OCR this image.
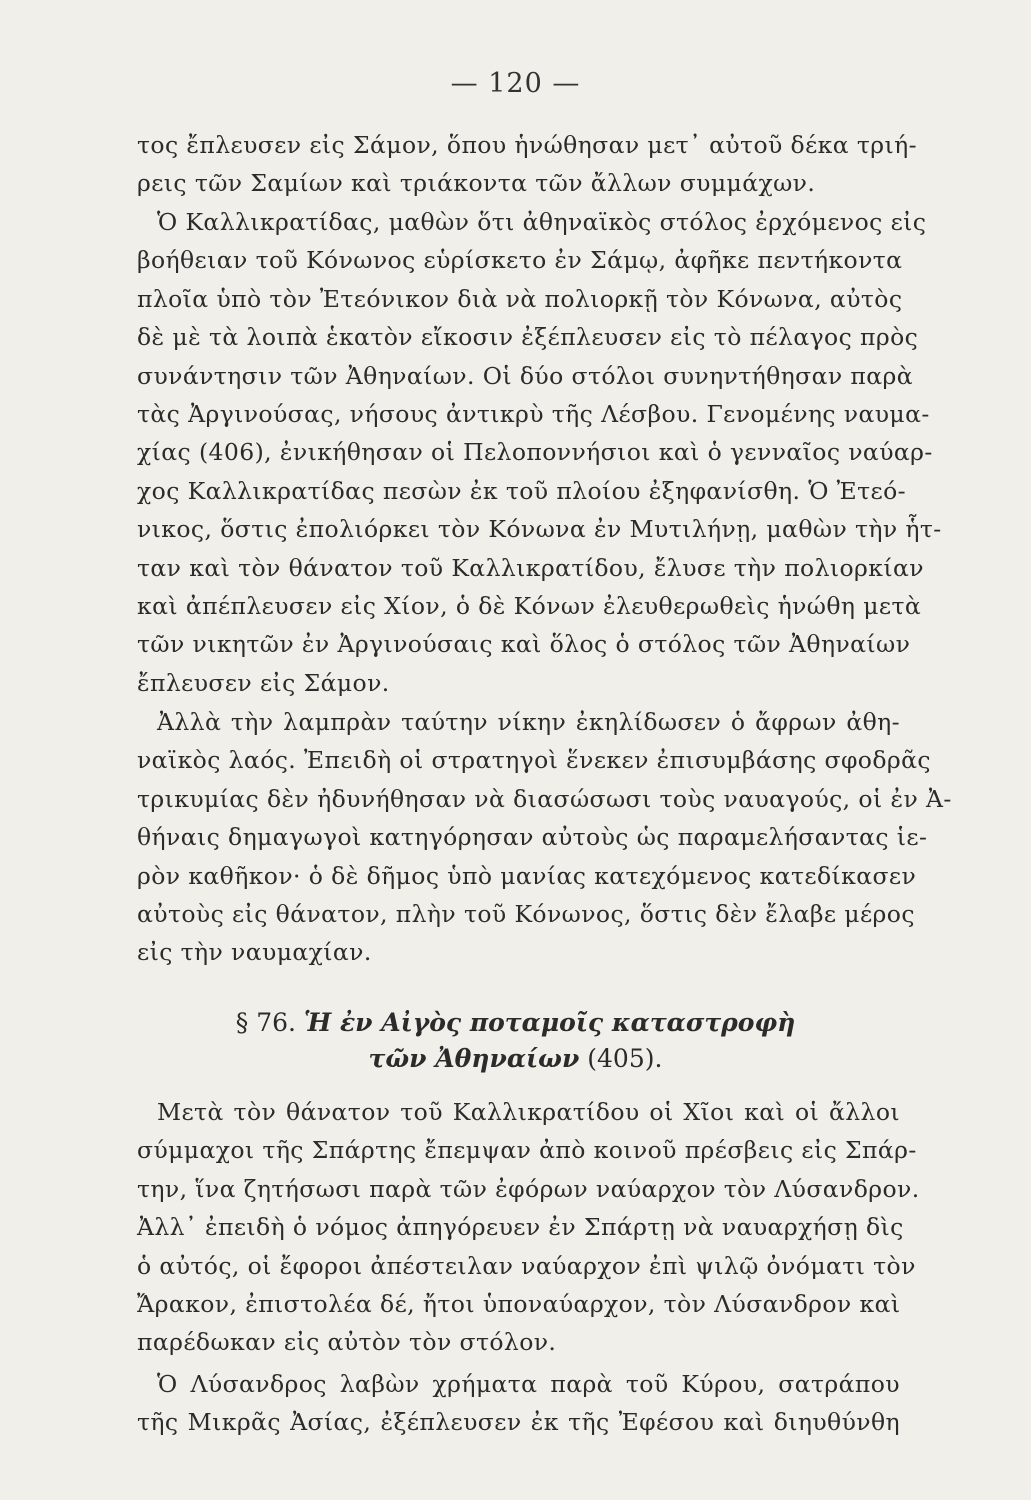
— 120 —
τος ἔπλευσεν εἰς Σάμον, ὅπου ἡνώθησαν μετ᾽ αὐτοῦ δέκα τριή-
ρεις τῶν Σαμίων καὶ τριάκοντα τῶν ἄλλων συμμάχων.
Ὁ Καλλικρατίδας, μαθὼν ὅτι ἀθηναϊκὸς στόλος ἐρχόμενος εἰς
βοήθειαν τοῦ Κόνωνος εὑρίσκετο ἐν Σάμῳ, ἀφῆκε πεντήκοντα
πλοῖα ὑπὸ τὸν Ἐτεόνικον διὰ νὰ πολιορκῇ τὸν Κόνωνα, αὐτὸς
δὲ μὲ τὰ λοιπὰ ἑκατὸν εἴκοσιν ἐξέπλευσεν εἰς τὸ πέλαγος πρὸς
συνάντησιν τῶν Ἀθηναίων. Οἱ δύο στόλοι συνηντήθησαν παρὰ
τὰς Ἀργινούσας, νήσους ἀντικρὺ τῆς Λέσβου. Γενομένης ναυμα-
χίας (406), ἐνικήθησαν οἱ Πελοποννήσιοι καὶ ὁ γενναῖος ναύαρ-
χος Καλλικρατίδας πεσὼν ἐκ τοῦ πλοίου ἐξηφανίσθη. Ὁ Ἐτεό-
νικος, ὅστις ἐπολιόρκει τὸν Κόνωνα ἐν Μυτιλήνῃ, μαθὼν τὴν ἧτ-
ταν καὶ τὸν θάνατον τοῦ Καλλικρατίδου, ἔλυσε τὴν πολιορκίαν
καὶ ἀπέπλευσεν εἰς Χίον, ὁ δὲ Κόνων ἐλευθερωθεὶς ἡνώθη μετὰ
τῶν νικητῶν ἐν Ἀργινούσαις καὶ ὅλος ὁ στόλος τῶν Ἀθηναίων
ἔπλευσεν εἰς Σάμον.
Ἀλλὰ τὴν λαμπρὰν ταύτην νίκην ἐκηλίδωσεν ὁ ἄφρων ἀθη-
ναϊκὸς λαός. Ἐπειδὴ οἱ στρατηγοὶ ἕνεκεν ἐπισυμβάσης σφοδρᾶς
τρικυμίας δὲν ἠδυνήθησαν νὰ διασώσωσι τοὺς ναυαγούς, οἱ ἐν Ἀ-
θήναις δημαγωγοὶ κατηγόρησαν αὐτοὺς ὡς παραμελήσαντας ἱε-
ρὸν καθῆκον· ὁ δὲ δῆμος ὑπὸ μανίας κατεχόμενος κατεδίκασεν
αὐτοὺς εἰς θάνατον, πλὴν τοῦ Κόνωνος, ὅστις δὲν ἔλαβε μέρος
εἰς τὴν ναυμαχίαν.
§ 76. Ἡ ἐν Αἰγὸς ποταμοῖς καταστροφὴ
τῶν Ἀθηναίων (405).
Μετὰ τὸν θάνατον τοῦ Καλλικρατίδου οἱ Χῖοι καὶ οἱ ἄλλοι
σύμμαχοι τῆς Σπάρτης ἔπεμψαν ἀπὸ κοινοῦ πρέσβεις εἰς Σπάρ-
την, ἵνα ζητήσωσι παρὰ τῶν ἐφόρων ναύαρχον τὸν Λύσανδρον.
Ἀλλ᾽ ἐπειδὴ ὁ νόμος ἀπηγόρευεν ἐν Σπάρτῃ νὰ ναυαρχήσῃ δὶς
ὁ αὐτός, οἱ ἔφοροι ἀπέστειλαν ναύαρχον ἐπὶ ψιλῷ ὀνόματι τὸν
Ἄρακον, ἐπιστολέα δέ, ἤτοι ὑποναύαρχον, τὸν Λύσανδρον καὶ
παρέδωκαν εἰς αὐτὸν τὸν στόλον.
Ὁ Λύσανδρος λαβὼν χρήματα παρὰ τοῦ Κύρου, σατράπου
τῆς Μικρᾶς Ἀσίας, ἐξέπλευσεν ἐκ τῆς Ἐφέσου καὶ διηυθύνθη
